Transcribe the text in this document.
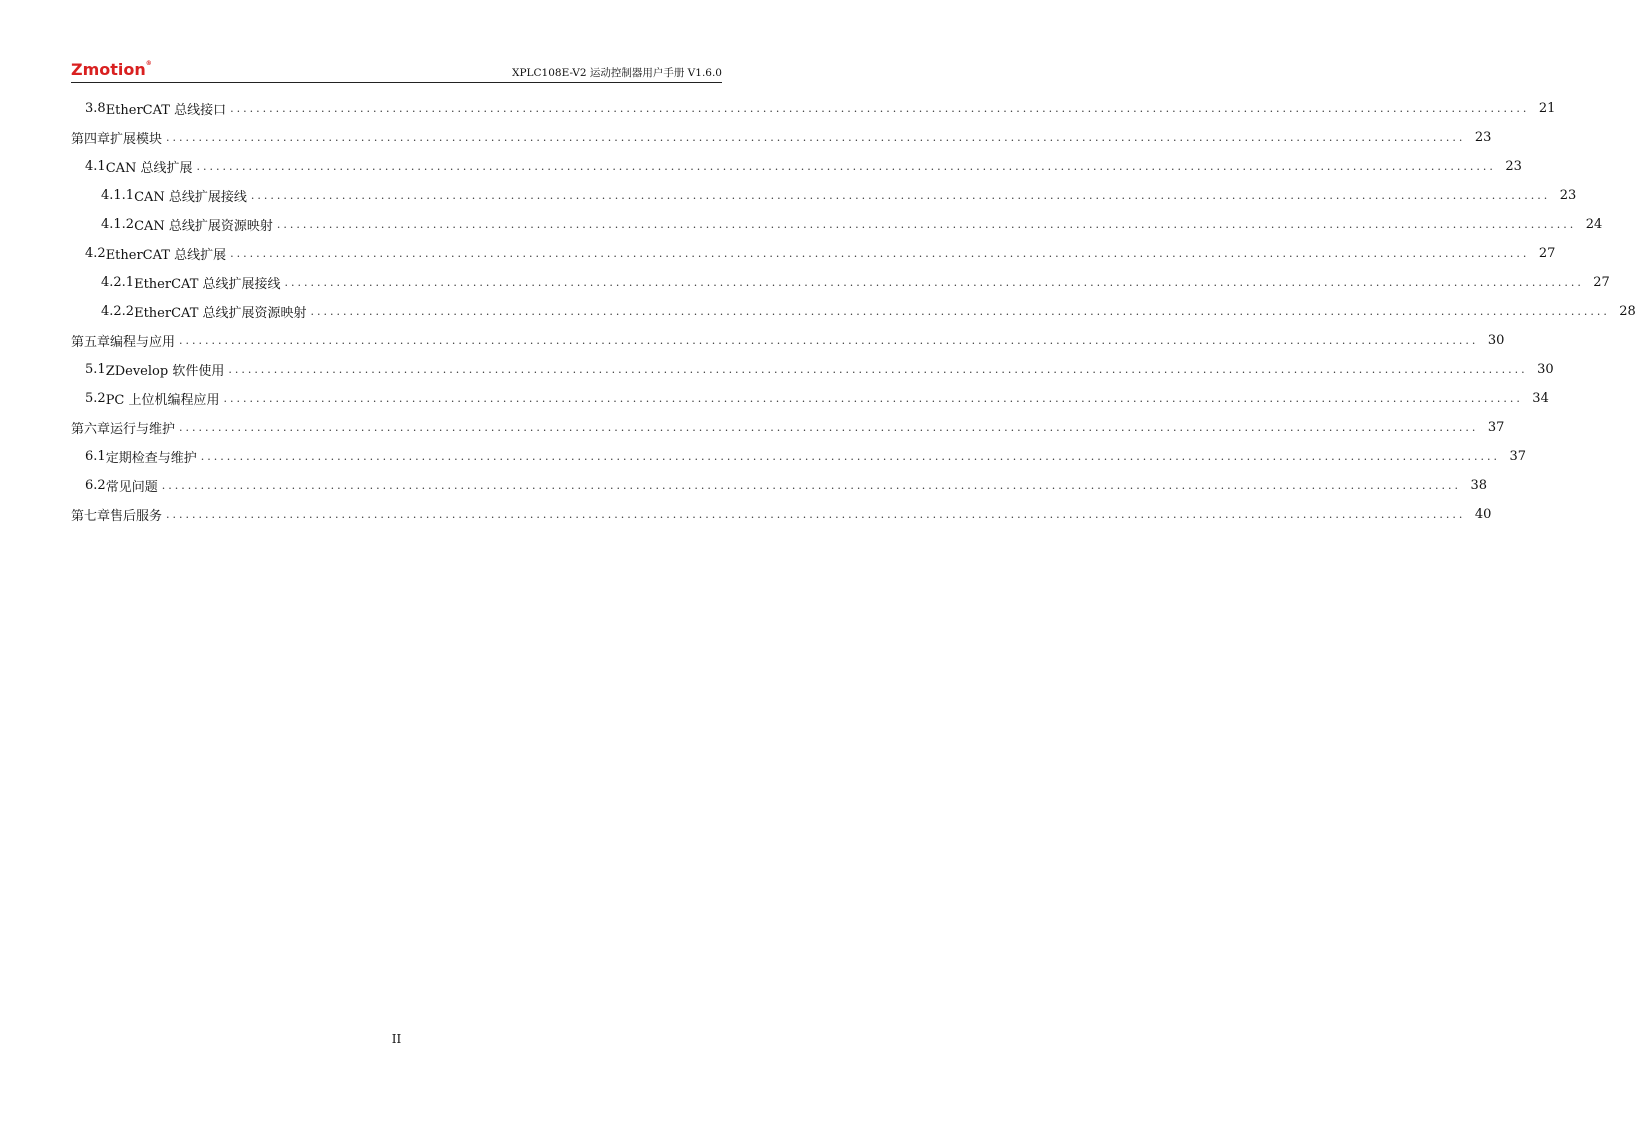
Zmotion®
XPLC108E-V2 运动控制器用户手册 V1.6.0
3.8 EtherCAT 总线接口 ........................................................................................................................................................................................................ 21
第四章 扩展模块 ........................................................................................................................................................................................................ 23
4.1 CAN 总线扩展 ........................................................................................................................................................................................................ 23
4.1.1 CAN 总线扩展接线 ........................................................................................................................................................................................................ 23
4.1.2 CAN 总线扩展资源映射 ........................................................................................................................................................................................................ 24
4.2 EtherCAT 总线扩展 ........................................................................................................................................................................................................ 27
4.2.1 EtherCAT 总线扩展接线 ........................................................................................................................................................................................................ 27
4.2.2 EtherCAT 总线扩展资源映射 ........................................................................................................................................................................................................ 28
第五章 编程与应用 ........................................................................................................................................................................................................ 30
5.1 ZDevelop 软件使用 ........................................................................................................................................................................................................ 30
5.2 PC 上位机编程应用 ........................................................................................................................................................................................................ 34
第六章 运行与维护 ........................................................................................................................................................................................................ 37
6.1 定期检查与维护 ........................................................................................................................................................................................................ 37
6.2 常见问题 ........................................................................................................................................................................................................ 38
第七章 售后服务 ........................................................................................................................................................................................................ 40
II
